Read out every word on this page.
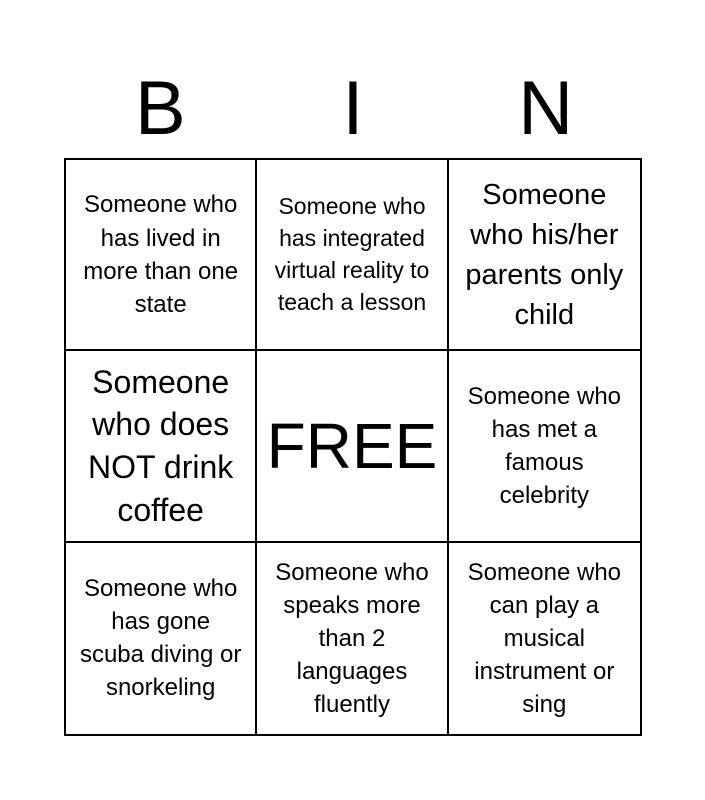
B	I	N
Someone who has lived in more than one state
Someone who has integrated virtual reality to teach a lesson
Someone who his/her parents only child
Someone who does NOT drink coffee
FREE
Someone who has met a famous celebrity
Someone who has gone scuba diving or snorkeling
Someone who speaks more than 2 languages fluently
Someone who can play a musical instrument or sing
